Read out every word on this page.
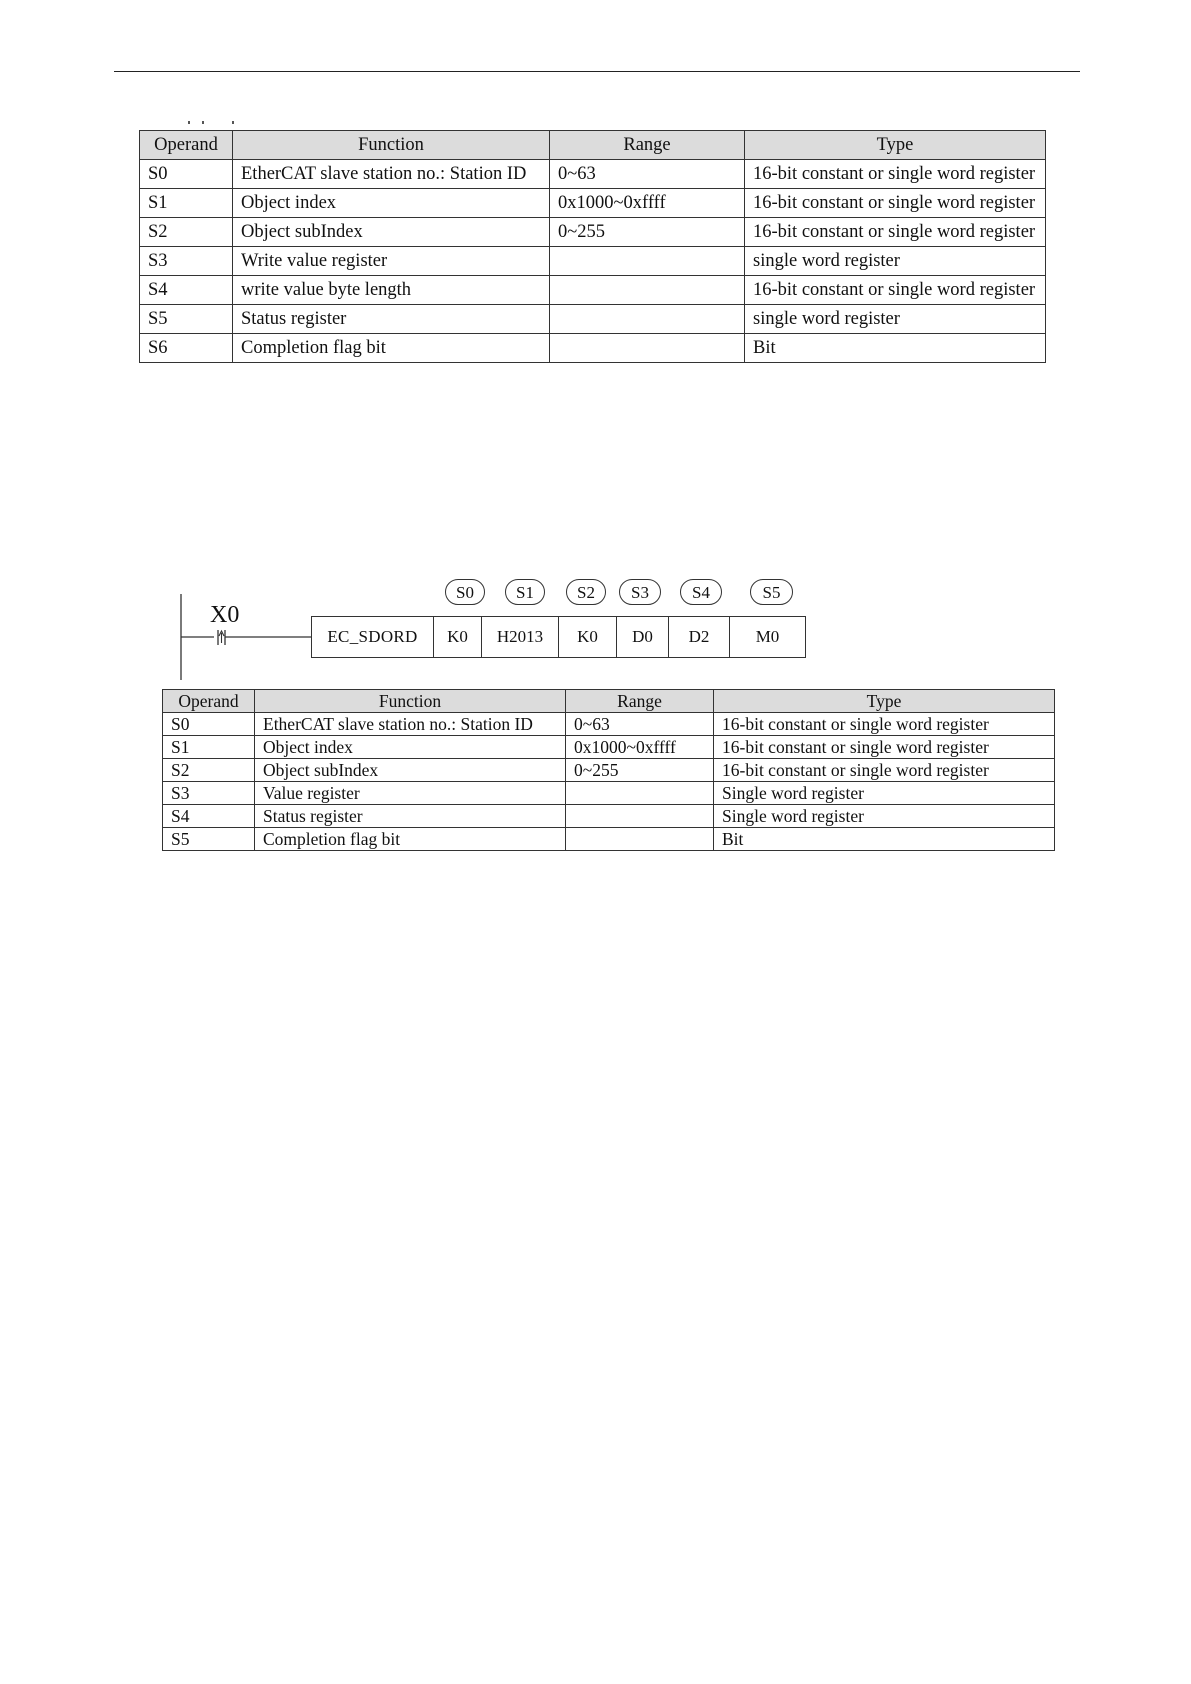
Operand	Function	Range	Type
S0	EtherCAT slave station no.: Station ID	0~63	16-bit constant or single word register
S1	Object index	0x1000~0xffff	16-bit constant or single word register
S2	Object subIndex	0~255	16-bit constant or single word register
S3	Write value register		single word register
S4	write value byte length		16-bit constant or single word register
S5	Status register		single word register
S6	Completion flag bit		Bit
X0
S0	S1	S2	S3	S4	S5
EC_SDORD	K0	H2013	K0	D0	D2	M0
Operand	Function	Range	Type
S0	EtherCAT slave station no.: Station ID	0~63	16-bit constant or single word register
S1	Object index	0x1000~0xffff	16-bit constant or single word register
S2	Object subIndex	0~255	16-bit constant or single word register
S3	Value register		Single word register
S4	Status register		Single word register
S5	Completion flag bit		Bit
